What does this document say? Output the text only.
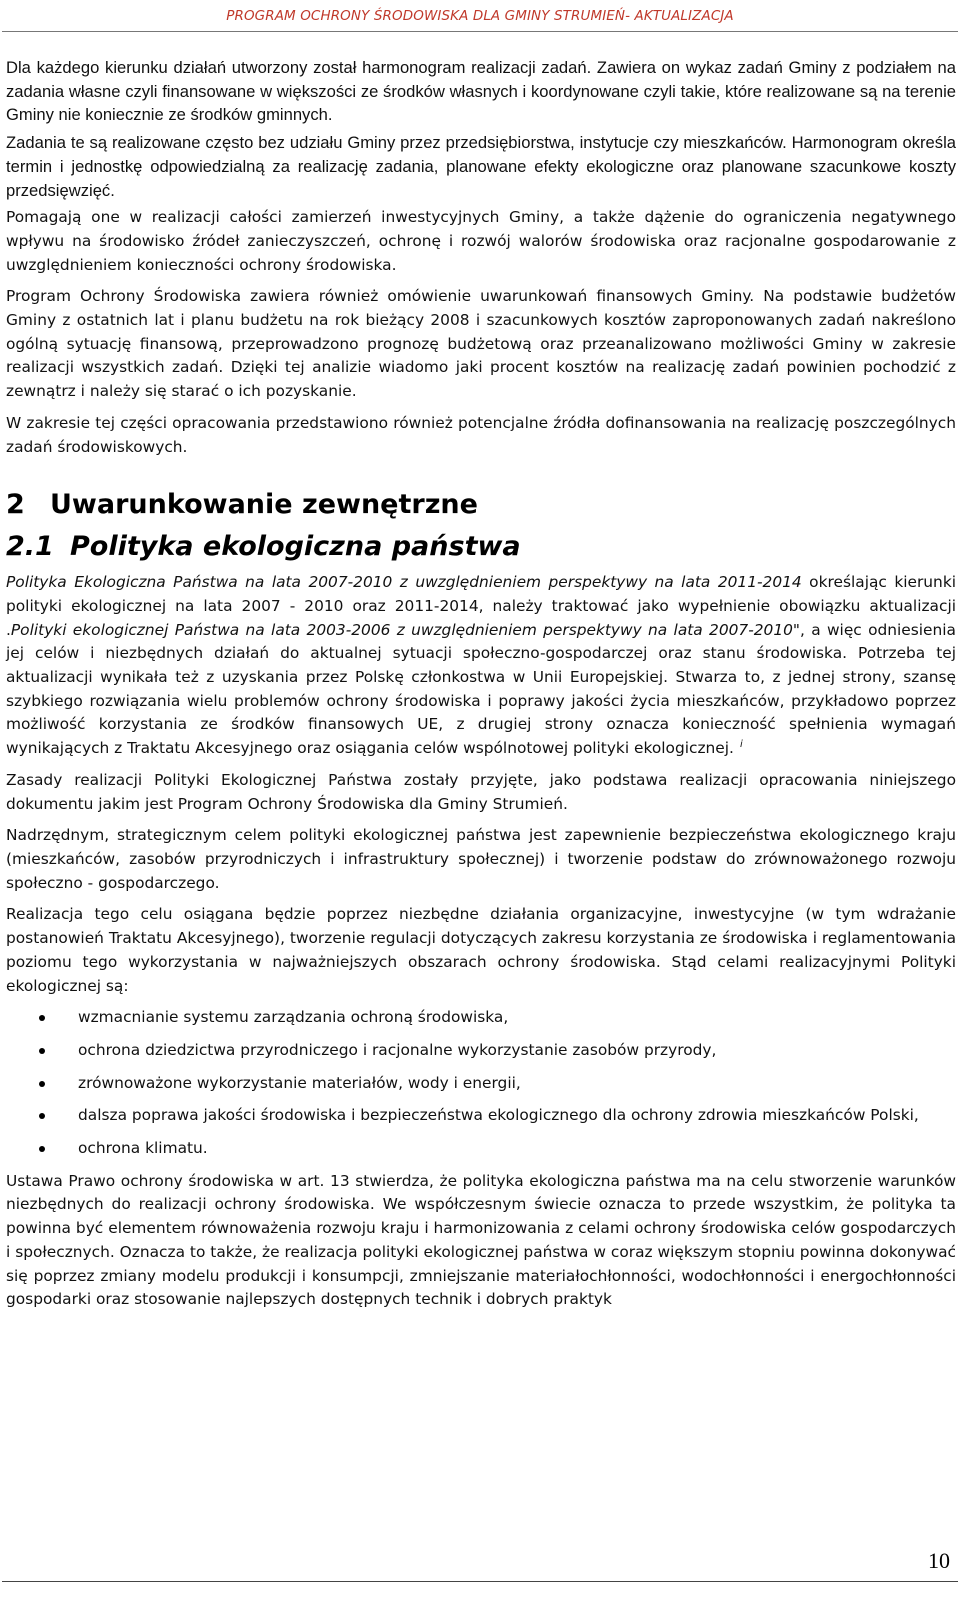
PROGRAM OCHRONY ŚRODOWISKA DLA GMINY STRUMIEŃ- AKTUALIZACJA

Dla każdego kierunku działań utworzony został harmonogram realizacji zadań. Zawiera on wykaz zadań Gminy z podziałem na zadania własne czyli finansowane w większości ze środków własnych i koordynowane czyli takie, które realizowane są na terenie Gminy nie koniecznie ze środków gminnych.

Zadania te są realizowane często bez udziału Gminy przez przedsiębiorstwa, instytucje czy mieszkańców. Harmonogram określa termin i jednostkę odpowiedzialną za realizację zadania, planowane efekty ekologiczne oraz planowane szacunkowe koszty przedsięwzięć.

Pomagają one w realizacji całości zamierzeń inwestycyjnych Gminy, a także dążenie do ograniczenia negatywnego wpływu na środowisko źródeł zanieczyszczeń, ochronę i rozwój walorów środowiska oraz racjonalne gospodarowanie z uwzględnieniem konieczności ochrony środowiska.

Program Ochrony Środowiska zawiera również omówienie uwarunkowań finansowych Gminy. Na podstawie budżetów Gminy z ostatnich lat i planu budżetu na rok bieżący 2008 i szacunkowych kosztów zaproponowanych zadań nakreślono ogólną sytuację finansową, przeprowadzono prognozę budżetową oraz przeanalizowano możliwości Gminy w zakresie realizacji wszystkich zadań. Dzięki tej analizie wiadomo jaki procent kosztów na realizację zadań powinien pochodzić z zewnątrz i należy się starać o ich pozyskanie.

W zakresie tej części opracowania przedstawiono również potencjalne źródła dofinansowania na realizację poszczególnych zadań środowiskowych.

2 Uwarunkowanie zewnętrzne
2.1 Polityka ekologiczna państwa

Polityka Ekologiczna Państwa na lata 2007-2010 z uwzględnieniem perspektywy na lata 2011-2014 określając kierunki polityki ekologicznej na lata 2007 - 2010 oraz 2011-2014, należy traktować jako wypełnienie obowiązku aktualizacji .Polityki ekologicznej Państwa na lata 2003-2006 z uwzględnieniem perspektywy na lata 2007-2010", a więc odniesienia jej celów i niezbędnych działań do aktualnej sytuacji społeczno-gospodarczej oraz stanu środowiska. Potrzeba tej aktualizacji wynikała też z uzyskania przez Polskę członkostwa w Unii Europejskiej. Stwarza to, z jednej strony, szansę szybkiego rozwiązania wielu problemów ochrony środowiska i poprawy jakości życia mieszkańców, przykładowo poprzez możliwość korzystania ze środków finansowych UE, z drugiej strony oznacza konieczność spełnienia wymagań wynikających z Traktatu Akcesyjnego oraz osiągania celów wspólnotowej polityki ekologicznej. $^i$

Zasady realizacji Polityki Ekologicznej Państwa zostały przyjęte, jako podstawa realizacji opracowania niniejszego dokumentu jakim jest Program Ochrony Środowiska dla Gminy Strumień.

Nadrzędnym, strategicznym celem polityki ekologicznej państwa jest zapewnienie bezpieczeństwa ekologicznego kraju (mieszkańców, zasobów przyrodniczych i infrastruktury społecznej) i tworzenie podstaw do zrównoważonego rozwoju społeczno - gospodarczego.

Realizacja tego celu osiągana będzie poprzez niezbędne działania organizacyjne, inwestycyjne (w tym wdrażanie postanowień Traktatu Akcesyjnego), tworzenie regulacji dotyczących zakresu korzystania ze środowiska i reglamentowania poziomu tego wykorzystania w najważniejszych obszarach ochrony środowiska. Stąd celami realizacyjnymi Polityki ekologicznej są:

wzmacnianie systemu zarządzania ochroną środowiska,
ochrona dziedzictwa przyrodniczego i racjonalne wykorzystanie zasobów przyrody,
zrównoważone wykorzystanie materiałów, wody i energii,
dalsza poprawa jakości środowiska i bezpieczeństwa ekologicznego dla ochrony zdrowia mieszkańców Polski,
ochrona klimatu.

Ustawa Prawo ochrony środowiska w art. 13 stwierdza, że polityka ekologiczna państwa ma na celu stworzenie warunków niezbędnych do realizacji ochrony środowiska. We współczesnym świecie oznacza to przede wszystkim, że polityka ta powinna być elementem równoważenia rozwoju kraju i harmonizowania z celami ochrony środowiska celów gospodarczych i społecznych. Oznacza to także, że realizacja polityki ekologicznej państwa w coraz większym stopniu powinna dokonywać się poprzez zmiany modelu produkcji i konsumpcji, zmniejszanie materiałochłonności, wodochłonności i energochłonności gospodarki oraz stosowanie najlepszych dostępnych technik i dobrych praktyk

10
